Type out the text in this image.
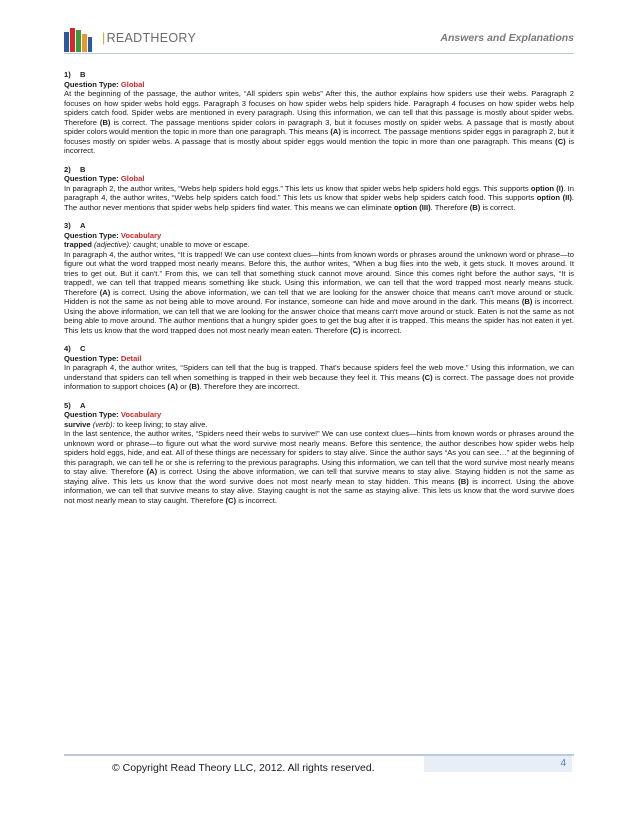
|READTHEORY	Answers and Explanations
1) B
Question Type: Global

At the beginning of the passage, the author writes, “All spiders spin webs” After this, the author explains how spiders use their webs. Paragraph 2 focuses on how spider webs hold eggs. Paragraph 3 focuses on how spider webs help spiders hide. Paragraph 4 focuses on how spider webs help spiders catch food. Spider webs are mentioned in every paragraph. Using this information, we can tell that this passage is mostly about spider webs. Therefore (B) is correct. The passage mentions spider colors in paragraph 3, but it focuses mostly on spider webs. A passage that is mostly about spider colors would mention the topic in more than one paragraph. This means (A) is incorrect. The passage mentions spider eggs in paragraph 2, but it focuses mostly on spider webs. A passage that is mostly about spider eggs would mention the topic in more than one paragraph. This means (C) is incorrect.

2) B
Question Type: Global

In paragraph 2, the author writes, “Webs help spiders hold eggs.” This lets us know that spider webs help spiders hold eggs. This supports option (I). In paragraph 4, the author writes, “Webs help spiders catch food.” This lets us know that spider webs help spiders catch food. This supports option (II). The author never mentions that spider webs help spiders find water. This means we can eliminate option (III). Therefore (B) is correct.

3) A
Question Type: Vocabulary
trapped (adjective): caught; unable to move or escape.

In paragraph 4, the author writes, “It is trapped! We can use context clues—hints from known words or phrases around the unknown word or phrase—to figure out what the word trapped most nearly means. Before this, the author writes, “When a bug flies into the web, it gets stuck. It moves around. It tries to get out. But it can't.” From this, we can tell that something stuck cannot move around. Since this comes right before the author says, “It is trapped!, we can tell that trapped means something like stuck. Using this information, we can tell that the word trapped most nearly means stuck. Therefore (A) is correct. Using the above information, we can tell that we are looking for the answer choice that means can't move around or stuck. Hidden is not the same as not being able to move around. For instance, someone can hide and move around in the dark. This means (B) is incorrect. Using the above information, we can tell that we are looking for the answer choice that means can't move around or stuck. Eaten is not the same as not being able to move around. The author mentions that a hungry spider goes to get the bug after it is trapped. This means the spider has not eaten it yet. This lets us know that the word trapped does not most nearly mean eaten. Therefore (C) is incorrect.

4) C
Question Type: Detail

In paragraph 4, the author writes, “Spiders can tell that the bug is trapped. That's because spiders feel the web move.” Using this information, we can understand that spiders can tell when something is trapped in their web because they feel it. This means (C) is correct. The passage does not provide information to support choices (A) or (B). Therefore they are incorrect.

5) A
Question Type: Vocabulary
survive (verb): to keep living; to stay alive.

In the last sentence, the author writes, “Spiders need their webs to survive!” We can use context clues—hints from known words or phrases around the unknown word or phrase—to figure out what the word survive most nearly means. Before this sentence, the author describes how spider webs help spiders hold eggs, hide, and eat. All of these things are necessary for spiders to stay alive. Since the author says “As you can see…” at the beginning of this paragraph, we can tell he or she is referring to the previous paragraphs. Using this information, we can tell that the word survive most nearly means to stay alive. Therefore (A) is correct. Using the above information, we can tell that survive means to stay alive. Staying hidden is not the same as staying alive. This lets us know that the word survive does not most nearly mean to stay hidden. This means (B) is incorrect. Using the above information, we can tell that survive means to stay alive. Staying caught is not the same as staying alive. This lets us know that the word survive does not most nearly mean to stay caught. Therefore (C) is incorrect.

4
© Copyright Read Theory LLC, 2012. All rights reserved.
